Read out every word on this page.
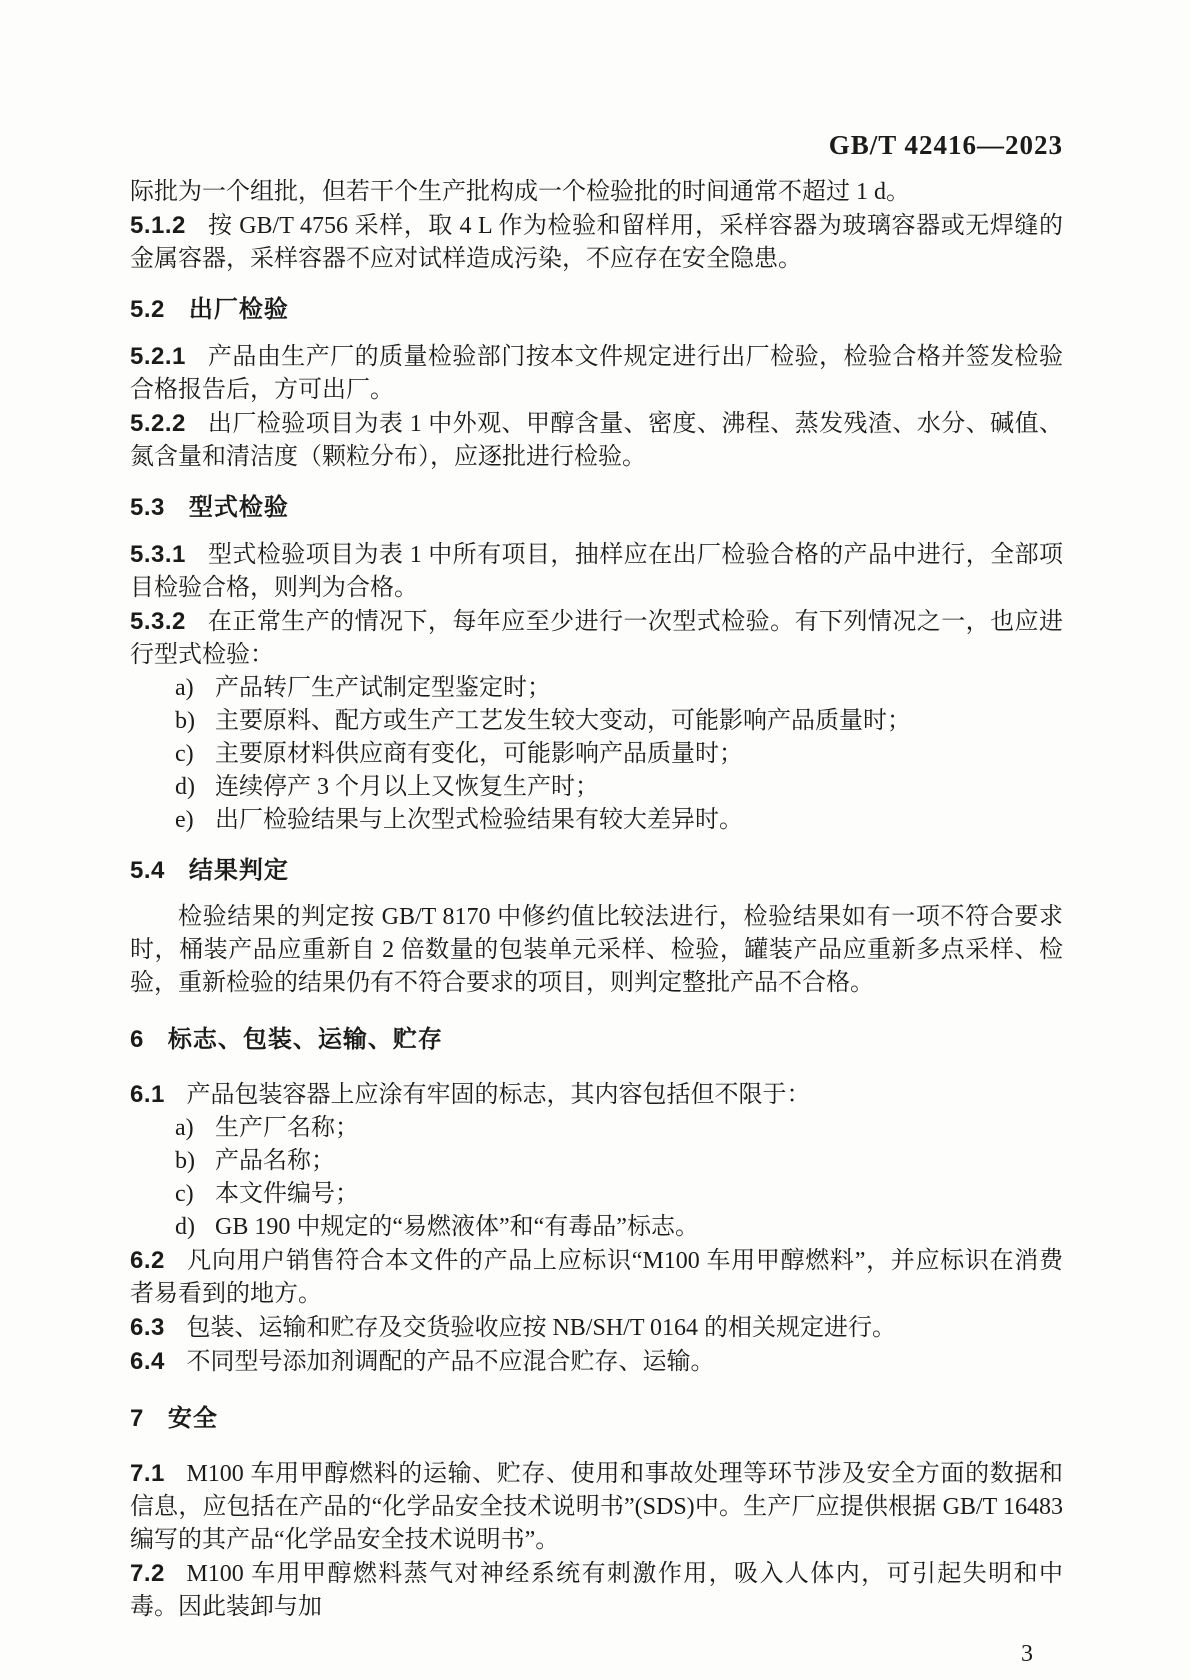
GB/T 42416—2023

际批为一个组批，但若干个生产批构成一个检验批的时间通常不超过 1 d。

5.1.2 按 GB/T 4756 采样，取 4 L 作为检验和留样用，采样容器为玻璃容器或无焊缝的金属容器，采样容器不应对试样造成污染，不应存在安全隐患。

5.2 出厂检验

5.2.1 产品由生产厂的质量检验部门按本文件规定进行出厂检验，检验合格并签发检验合格报告后，方可出厂。

5.2.2 出厂检验项目为表 1 中外观、甲醇含量、密度、沸程、蒸发残渣、水分、碱值、氮含量和清洁度（颗粒分布），应逐批进行检验。

5.3 型式检验

5.3.1 型式检验项目为表 1 中所有项目，抽样应在出厂检验合格的产品中进行，全部项目检验合格，则判为合格。

5.3.2 在正常生产的情况下，每年应至少进行一次型式检验。有下列情况之一，也应进行型式检验：

a) 产品转厂生产试制定型鉴定时；
b) 主要原料、配方或生产工艺发生较大变动，可能影响产品质量时；
c) 主要原材料供应商有变化，可能影响产品质量时；
d) 连续停产 3 个月以上又恢复生产时；
e) 出厂检验结果与上次型式检验结果有较大差异时。
5.4 结果判定

检验结果的判定按 GB/T 8170 中修约值比较法进行，检验结果如有一项不符合要求时，桶装产品应重新自 2 倍数量的包装单元采样、检验，罐装产品应重新多点采样、检验，重新检验的结果仍有不符合要求的项目，则判定整批产品不合格。

6 标志、包装、运输、贮存

6.1 产品包装容器上应涂有牢固的标志，其内容包括但不限于：

a) 生产厂名称；
b) 产品名称；
c) 本文件编号；
d) GB 190 中规定的“易燃液体”和“有毒品”标志。

6.2 凡向用户销售符合本文件的产品上应标识“M100 车用甲醇燃料”，并应标识在消费者易看到的地方。

6.3 包装、运输和贮存及交货验收应按 NB/SH/T 0164 的相关规定进行。

6.4 不同型号添加剂调配的产品不应混合贮存、运输。

7 安全

7.1 M100 车用甲醇燃料的运输、贮存、使用和事故处理等环节涉及安全方面的数据和信息，应包括在产品的“化学品安全技术说明书”(SDS)中。生产厂应提供根据 GB/T 16483 编写的其产品“化学品安全技术说明书”。

7.2 M100 车用甲醇燃料蒸气对神经系统有刺激作用，吸入人体内，可引起失明和中毒。因此装卸与加

3
